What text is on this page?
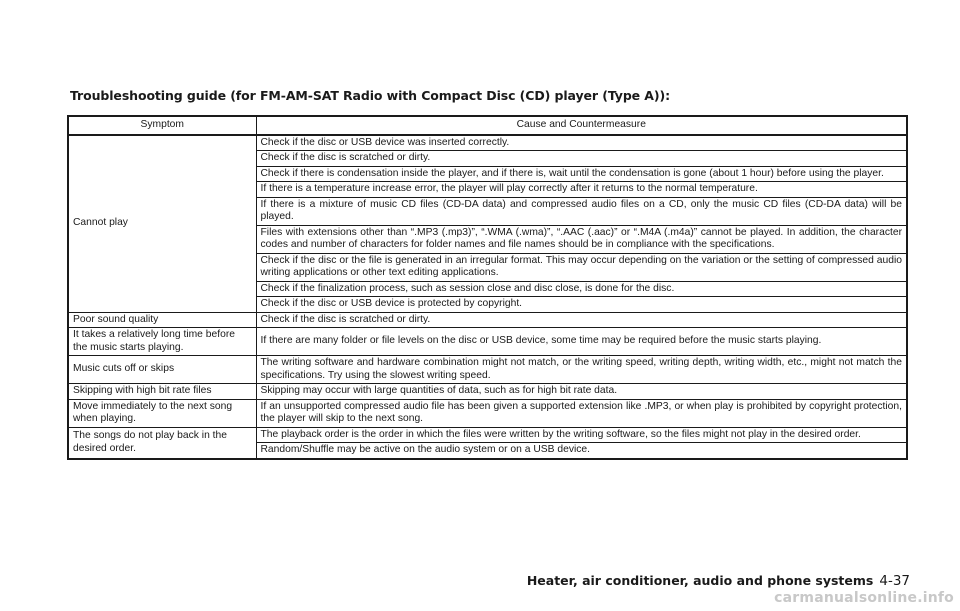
Troubleshooting guide (for FM-AM-SAT Radio with Compact Disc (CD) player (Type A)):
Symptom	Cause and Countermeasure
Cannot play	Check if the disc or USB device was inserted correctly.
	Check if the disc is scratched or dirty.
	Check if there is condensation inside the player, and if there is, wait until the condensation is gone (about 1 hour) before using the player.
	If there is a temperature increase error, the player will play correctly after it returns to the normal temperature.
	If there is a mixture of music CD files (CD-DA data) and compressed audio files on a CD, only the music CD files (CD-DA data) will be played.
	Files with extensions other than “.MP3 (.mp3)”, “.WMA (.wma)”, “.AAC (.aac)” or “.M4A (.m4a)” cannot be played. In addition, the character codes and number of characters for folder names and file names should be in compliance with the specifications.
	Check if the disc or the file is generated in an irregular format. This may occur depending on the variation or the setting of compressed audio writing applications or other text editing applications.
	Check if the finalization process, such as session close and disc close, is done for the disc.
	Check if the disc or USB device is protected by copyright.
Poor sound quality	Check if the disc is scratched or dirty.
It takes a relatively long time before the music starts playing.	If there are many folder or file levels on the disc or USB device, some time may be required before the music starts playing.
Music cuts off or skips	The writing software and hardware combination might not match, or the writing speed, writing depth, writing width, etc., might not match the specifications. Try using the slowest writing speed.
Skipping with high bit rate files	Skipping may occur with large quantities of data, such as for high bit rate data.
Move immediately to the next song when playing.	If an unsupported compressed audio file has been given a supported extension like .MP3, or when play is prohibited by copyright protection, the player will skip to the next song.
The songs do not play back in the desired order.	The playback order is the order in which the files were written by the writing software, so the files might not play in the desired order.
	Random/Shuffle may be active on the audio system or on a USB device.
Heater, air conditioner, audio and phone systems 4-37
carmanualsonline.info
